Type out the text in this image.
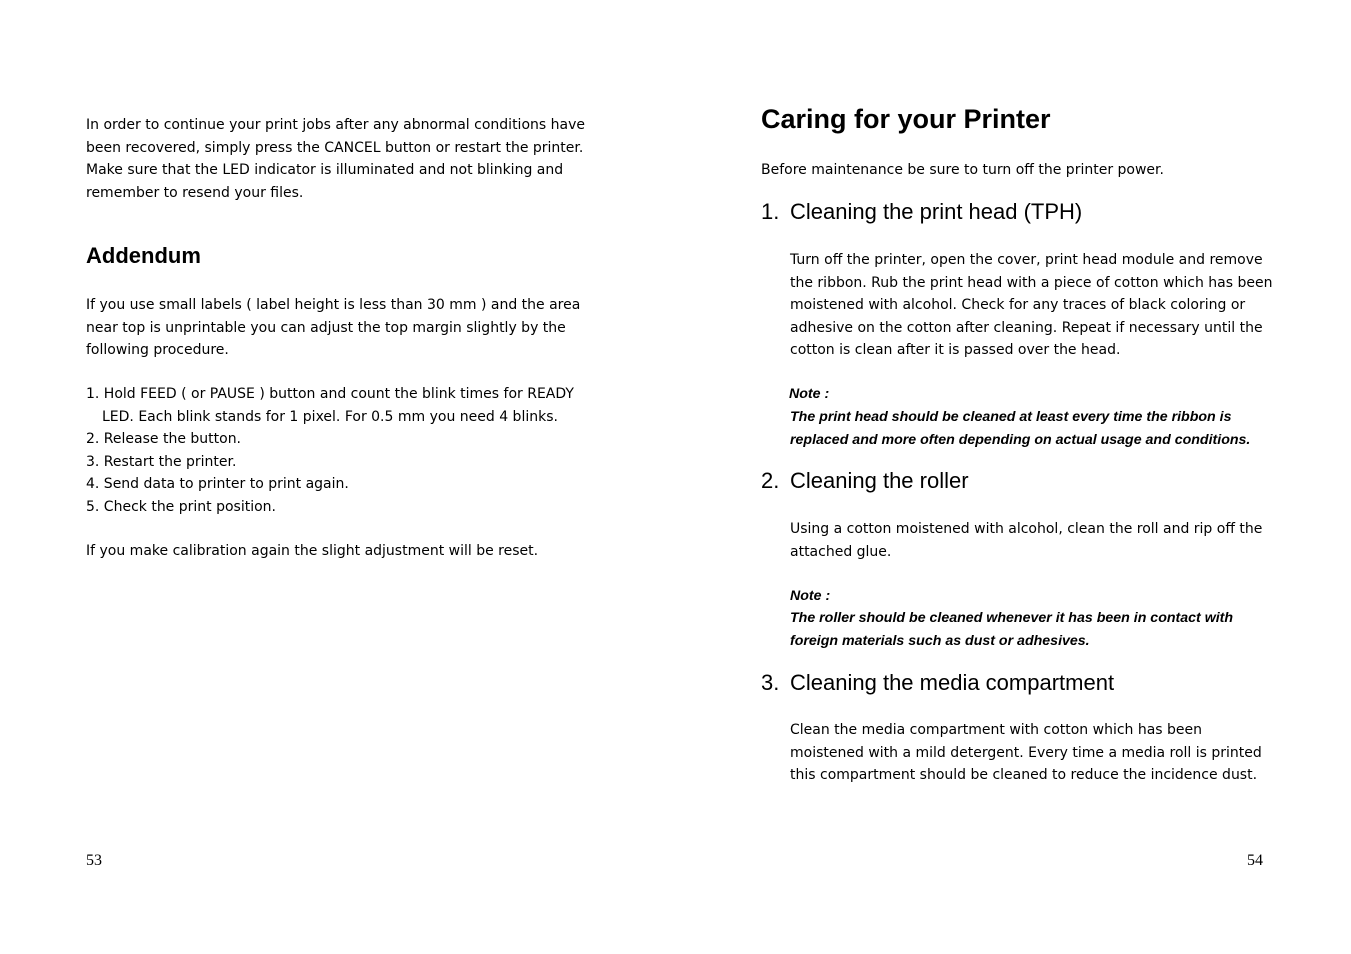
In order to continue your print jobs after any abnormal conditions have been recovered, simply press the CANCEL button or restart the printer. Make sure that the LED indicator is illuminated and not blinking and remember to resend your files.

Addendum

If you use small labels ( label height is less than 30 mm ) and the area near top is unprintable you can adjust the top margin slightly by the following procedure.

1. Hold FEED ( or PAUSE ) button and count the blink times for READY
LED. Each blink stands for 1 pixel. For 0.5 mm you need 4 blinks.
2. Release the button.
3. Restart the printer.
4. Send data to printer to print again.
5. Check the print position.

If you make calibration again the slight adjustment will be reset.

53
Caring for your Printer

Before maintenance be sure to turn off the printer power.

1. Cleaning the print head (TPH)

Turn off the printer, open the cover, print head module and remove the ribbon. Rub the print head with a piece of cotton which has been moistened with alcohol. Check for any traces of black coloring or adhesive on the cotton after cleaning. Repeat if necessary until the cotton is clean after it is passed over the head.

Note :

The print head should be cleaned at least every time the ribbon is replaced and more often depending on actual usage and conditions.

2. Cleaning the roller

Using a cotton moistened with alcohol, clean the roll and rip off the attached glue.

Note :

The roller should be cleaned whenever it has been in contact with foreign materials such as dust or adhesives.

3. Cleaning the media compartment

Clean the media compartment with cotton which has been moistened with a mild detergent. Every time a media roll is printed this compartment should be cleaned to reduce the incidence dust.

54
